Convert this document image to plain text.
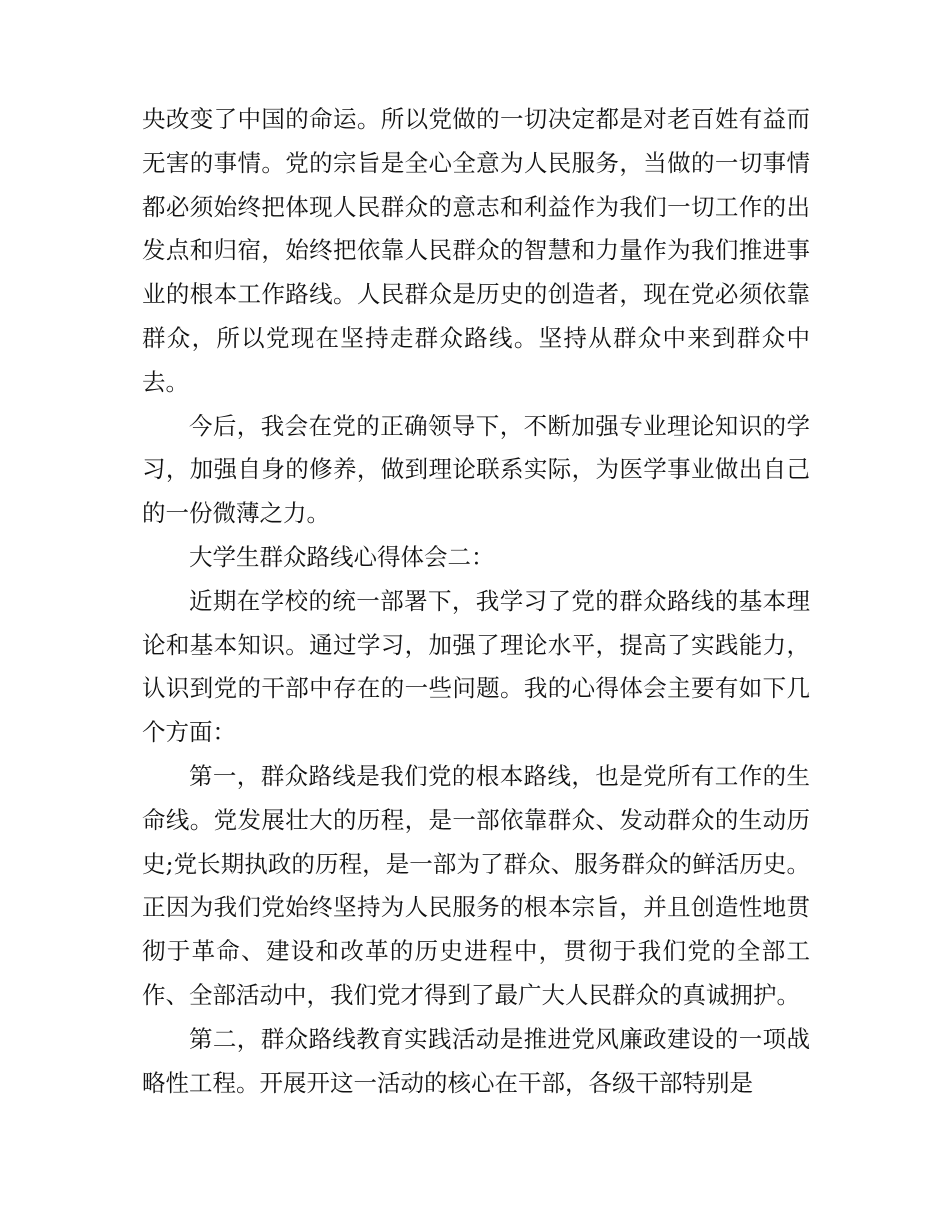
央改变了中国的命运。所以党做的一切决定都是对老百姓有益而无害的事情。党的宗旨是全心全意为人民服务，当做的一切事情都必须始终把体现人民群众的意志和利益作为我们一切工作的出发点和归宿，始终把依靠人民群众的智慧和力量作为我们推进事业的根本工作路线。人民群众是历史的创造者，现在党必须依靠群众，所以党现在坚持走群众路线。坚持从群众中来到群众中去。

今后，我会在党的正确领导下，不断加强专业理论知识的学习，加强自身的修养，做到理论联系实际，为医学事业做出自己的一份微薄之力。

大学生群众路线心得体会二：

近期在学校的统一部署下，我学习了党的群众路线的基本理论和基本知识。通过学习，加强了理论水平，提高了实践能力，认识到党的干部中存在的一些问题。我的心得体会主要有如下几个方面：

第一，群众路线是我们党的根本路线，也是党所有工作的生命线。党发展壮大的历程，是一部依靠群众、发动群众的生动历史;党长期执政的历程，是一部为了群众、服务群众的鲜活历史。正因为我们党始终坚持为人民服务的根本宗旨，并且创造性地贯彻于革命、建设和改革的历史进程中，贯彻于我们党的全部工作、全部活动中，我们党才得到了最广大人民群众的真诚拥护。

第二，群众路线教育实践活动是推进党风廉政建设的一项战略性工程。开展开这一活动的核心在干部，各级干部特别是
